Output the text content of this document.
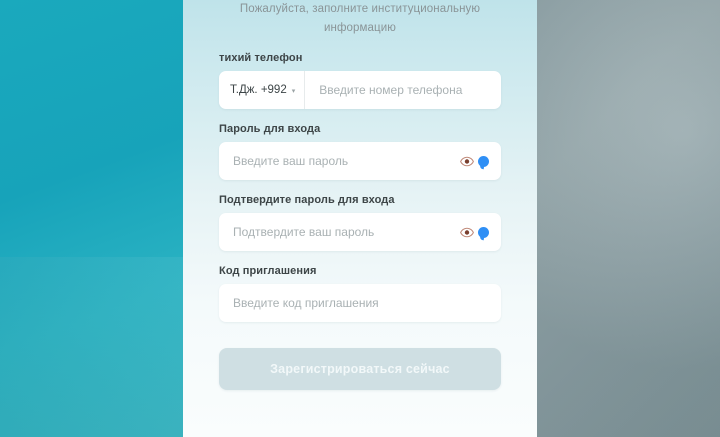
Пожалуйста, заполните институциональную
информацию

тихий телефон
Т.Дж. +992 ▾
Введите номер телефона
Пароль для входа
Введите ваш пароль
Подтвердите пароль для входа
Подтвердите ваш пароль
Код приглашения
Введите код приглашения
Зарегистрироваться сейчас
